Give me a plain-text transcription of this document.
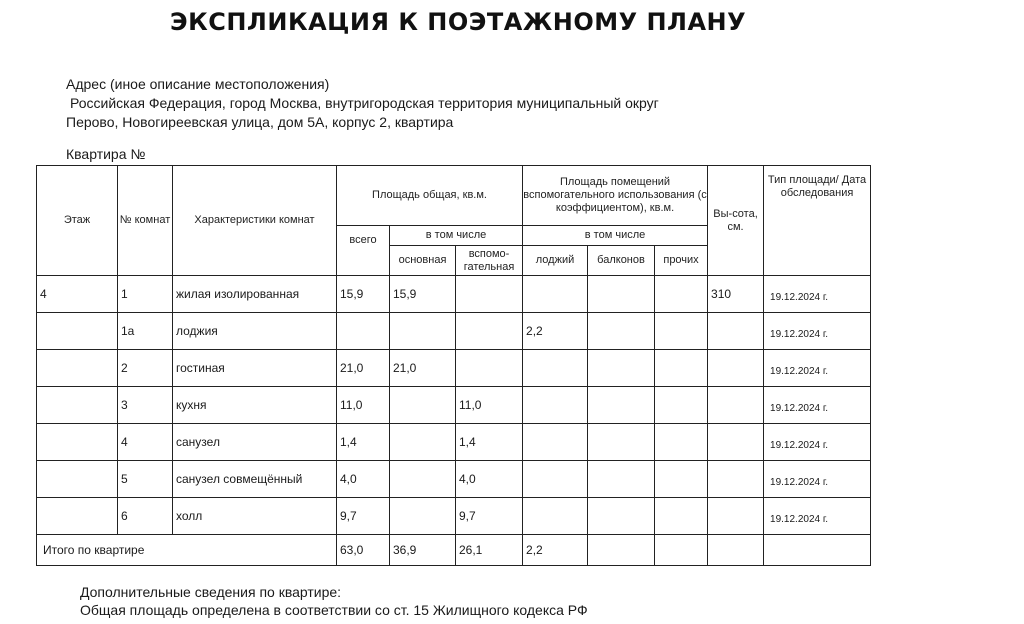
ЭКСПЛИКАЦИЯ К ПОЭТАЖНОМУ ПЛАНУ
Адрес (иное описание местоположения)
Российская Федерация, город Москва, внутригородская территория муниципальный округ
Перово, Новогиреевская улица, дом 5А, корпус 2, квартира
Квартира №
Этаж	№ комнат	Характеристики комнат	Площадь общая, кв.м.			Площадь помещений вспомогательного использования (с коэффициентом), кв.м.			Вы-сота, см.	Тип площади/ Дата обследования
			всего	в том числе		в том числе				
				основная	вспомо-гательная	лоджий	балконов	прочих		
4	1	жилая изолированная	15,9	15,9					310	19.12.2024 г.
	1а	лоджия				2,2				19.12.2024 г.
	2	гостиная	21,0	21,0						19.12.2024 г.
	3	кухня	11,0		11,0					19.12.2024 г.
	4	санузел	1,4		1,4					19.12.2024 г.
	5	санузел совмещённый	4,0		4,0					19.12.2024 г.
	6	холл	9,7		9,7					19.12.2024 г.
Итого по квартире			63,0	36,9	26,1	2,2				
Дополнительные сведения по квартире:
Общая площадь определена в соответствии со ст. 15 Жилищного кодекса РФ
